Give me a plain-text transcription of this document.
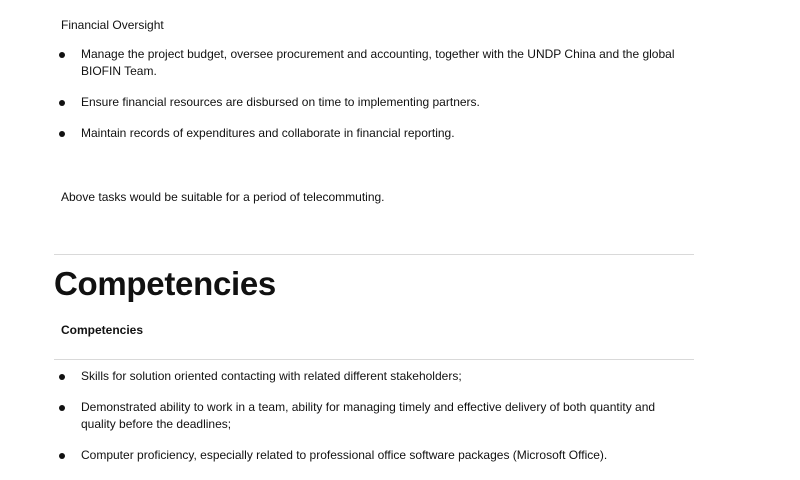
Financial Oversight
Manage the project budget, oversee procurement and accounting, together with the UNDP China and the global BIOFIN Team.
Ensure financial resources are disbursed on time to implementing partners.
Maintain records of expenditures and collaborate in financial reporting.
Above tasks would be suitable for a period of telecommuting.
Competencies
Competencies
Skills for solution oriented contacting with related different stakeholders;
Demonstrated ability to work in a team, ability for managing timely and effective delivery of both quantity and quality before the deadlines;
Computer proficiency, especially related to professional office software packages (Microsoft Office).
